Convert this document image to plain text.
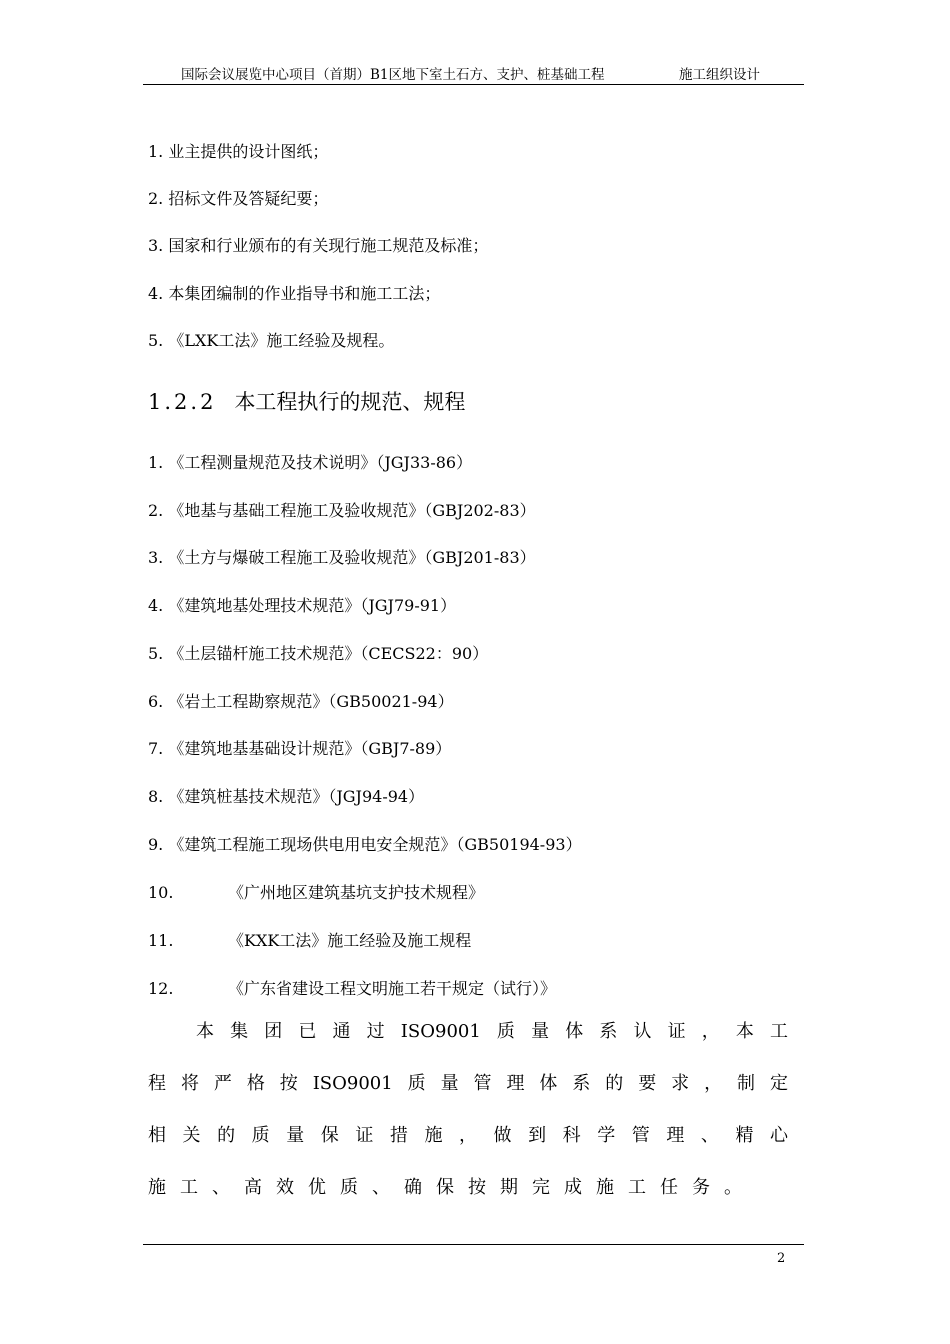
国际会议展览中心项目（首期）B1区地下室土石方、支护、桩基础工程	施工组织设计
1. 业主提供的设计图纸；
2. 招标文件及答疑纪要；
3. 国家和行业颁布的有关现行施工规范及标准；
4. 本集团编制的作业指导书和施工工法；
5. 《LXK工法》施工经验及规程。
1.2.2 本工程执行的规范、规程
1. 《工程测量规范及技术说明》（JGJ33-86）
2. 《地基与基础工程施工及验收规范》（GBJ202-83）
3. 《土方与爆破工程施工及验收规范》（GBJ201-83）
4. 《建筑地基处理技术规范》（JGJ79-91）
5. 《土层锚杆施工技术规范》（CECS22：90）
6. 《岩土工程勘察规范》（GB50021-94）
7. 《建筑地基基础设计规范》（GBJ7-89）
8. 《建筑桩基技术规范》（JGJ94-94）
9. 《建筑工程施工现场供电用电安全规范》（GB50194-93）
10.	《广州地区建筑基坑支护技术规程》
11.	《KXK工法》施工经验及施工规程
12.	《广东省建设工程文明施工若干规定（试行）》
本集团已通过ISO9001质量体系认证，本工
程将严格按ISO9001质量管理体系的要求，制定
相关的质量保证措施，做到科学管理、精心
施工、高效优质、确保按期完成施工任务。
2
